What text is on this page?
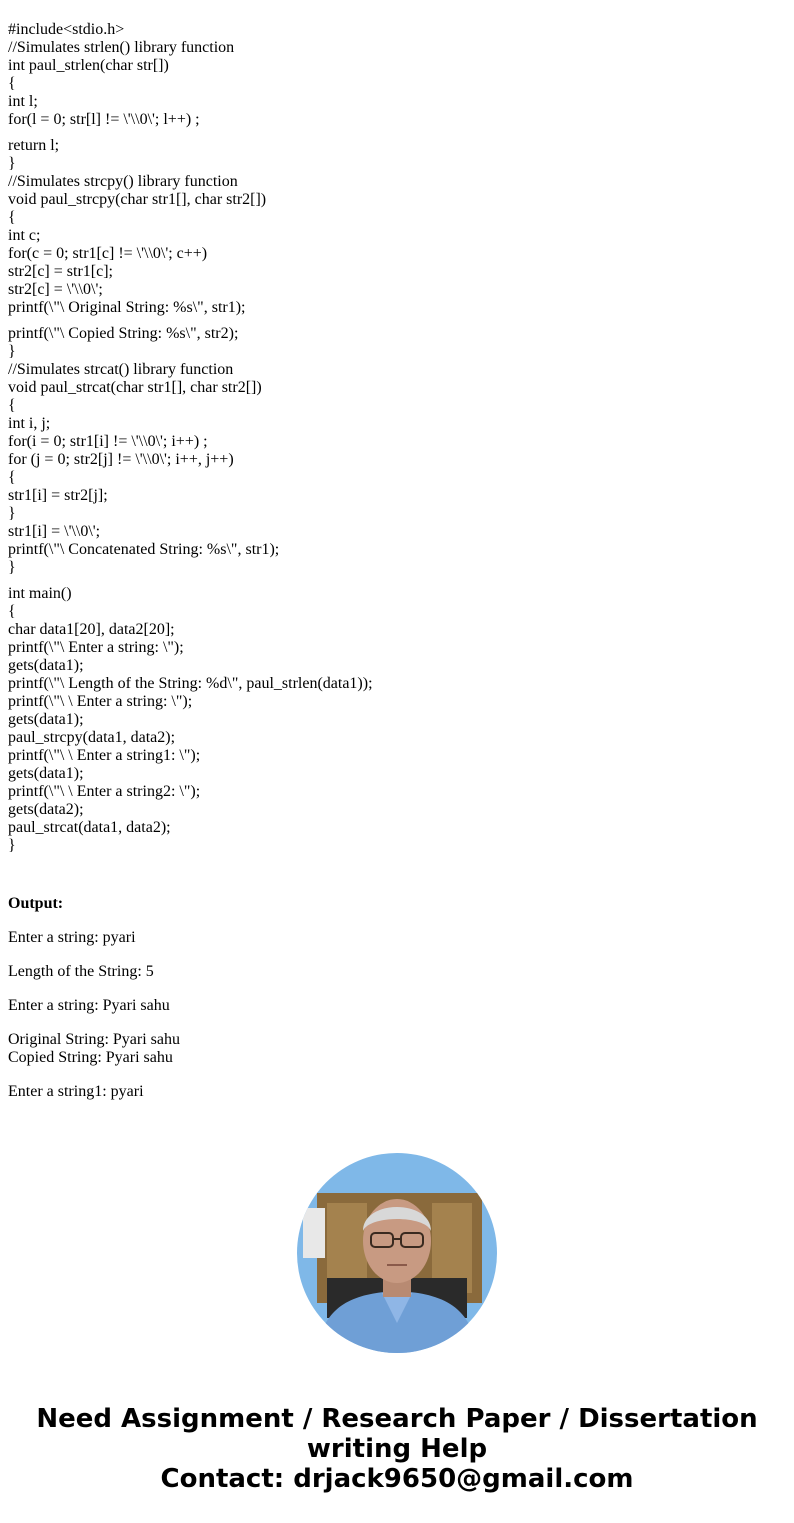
#include<stdio.h>
//Simulates strlen() library function
int paul_strlen(char str[])
{
int l;
for(l = 0; str[l] != \'\\0\'; l++) ;
return l;
}
//Simulates strcpy() library function
void paul_strcpy(char str1[], char str2[])
{
int c;
for(c = 0; str1[c] != \'\\0\'; c++)
str2[c] = str1[c];
str2[c] = \'\\0\';
printf(\"\ Original String: %s\", str1);
printf(\"\ Copied String: %s\", str2);
}
//Simulates strcat() library function
void paul_strcat(char str1[], char str2[])
{
int i, j;
for(i = 0; str1[i] != \'\\0\'; i++) ;
for (j = 0; str2[j] != \'\\0\'; i++, j++)
{
str1[i] = str2[j];
}
str1[i] = \'\\0\';
printf(\"\ Concatenated String: %s\", str1);
}
int main()
{
char data1[20], data2[20];
printf(\"\ Enter a string: \");
gets(data1);
printf(\"\ Length of the String: %d\", paul_strlen(data1));
printf(\"\ \ Enter a string: \");
gets(data1);
paul_strcpy(data1, data2);
printf(\"\ \ Enter a string1: \");
gets(data1);
printf(\"\ \ Enter a string2: \");
gets(data2);
paul_strcat(data1, data2);
}
Output:
Enter a string: pyari
Length of the String: 5
Enter a string: Pyari sahu
Original String: Pyari sahu
Copied String: Pyari sahu
Enter a string1: pyari
Need Assignment / Research Paper / Dissertation
writing Help
Contact: drjack9650@gmail.com
